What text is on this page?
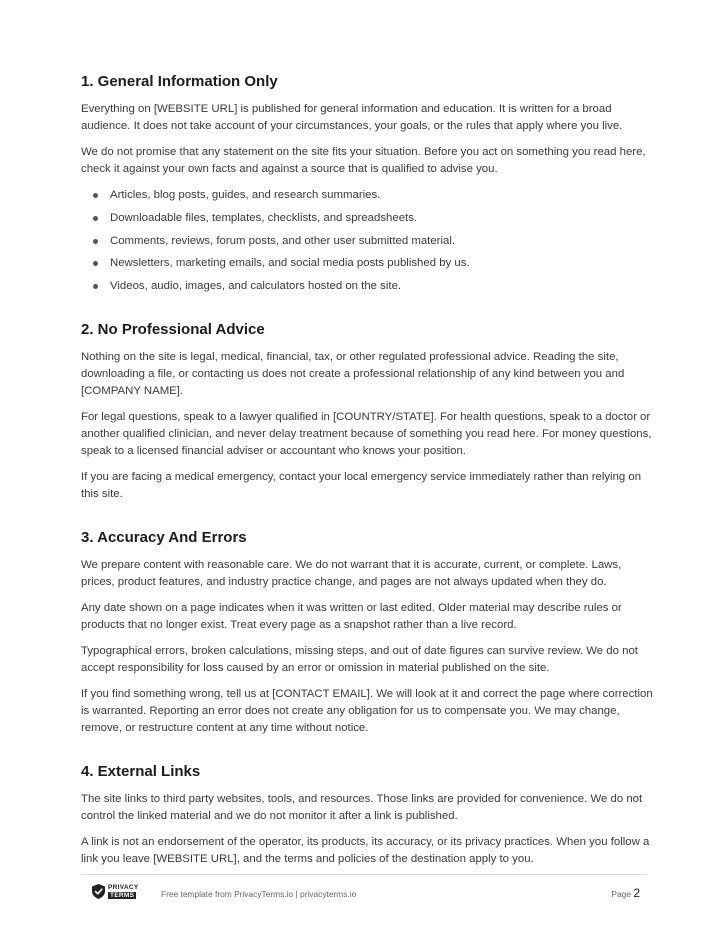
1. General Information Only

Everything on [WEBSITE URL] is published for general information and education. It is written for a broad audience. It does not take account of your circumstances, your goals, or the rules that apply where you live.

We do not promise that any statement on the site fits your situation. Before you act on something you read here, check it against your own facts and against a source that is qualified to advise you.

Articles, blog posts, guides, and research summaries.
Downloadable files, templates, checklists, and spreadsheets.
Comments, reviews, forum posts, and other user submitted material.
Newsletters, marketing emails, and social media posts published by us.
Videos, audio, images, and calculators hosted on the site.
2. No Professional Advice

Nothing on the site is legal, medical, financial, tax, or other regulated professional advice. Reading the site, downloading a file, or contacting us does not create a professional relationship of any kind between you and [COMPANY NAME].

For legal questions, speak to a lawyer qualified in [COUNTRY/STATE]. For health questions, speak to a doctor or another qualified clinician, and never delay treatment because of something you read here. For money questions, speak to a licensed financial adviser or accountant who knows your position.

If you are facing a medical emergency, contact your local emergency service immediately rather than relying on this site.

3. Accuracy And Errors

We prepare content with reasonable care. We do not warrant that it is accurate, current, or complete. Laws, prices, product features, and industry practice change, and pages are not always updated when they do.

Any date shown on a page indicates when it was written or last edited. Older material may describe rules or products that no longer exist. Treat every page as a snapshot rather than a live record.

Typographical errors, broken calculations, missing steps, and out of date figures can survive review. We do not accept responsibility for loss caused by an error or omission in material published on the site.

If you find something wrong, tell us at [CONTACT EMAIL]. We will look at it and correct the page where correction is warranted. Reporting an error does not create any obligation for us to compensate you. We may change, remove, or restructure content at any time without notice.

4. External Links

The site links to third party websites, tools, and resources. Those links are provided for convenience. We do not control the linked material and we do not monitor it after a link is published.

A link is not an endorsement of the operator, its products, its accuracy, or its privacy practices. When you follow a link you leave [WEBSITE URL], and the terms and policies of the destination apply to you.

PRIVACY
TERMS	Free template from PrivacyTerms.io | privacyterms.io	Page 2
